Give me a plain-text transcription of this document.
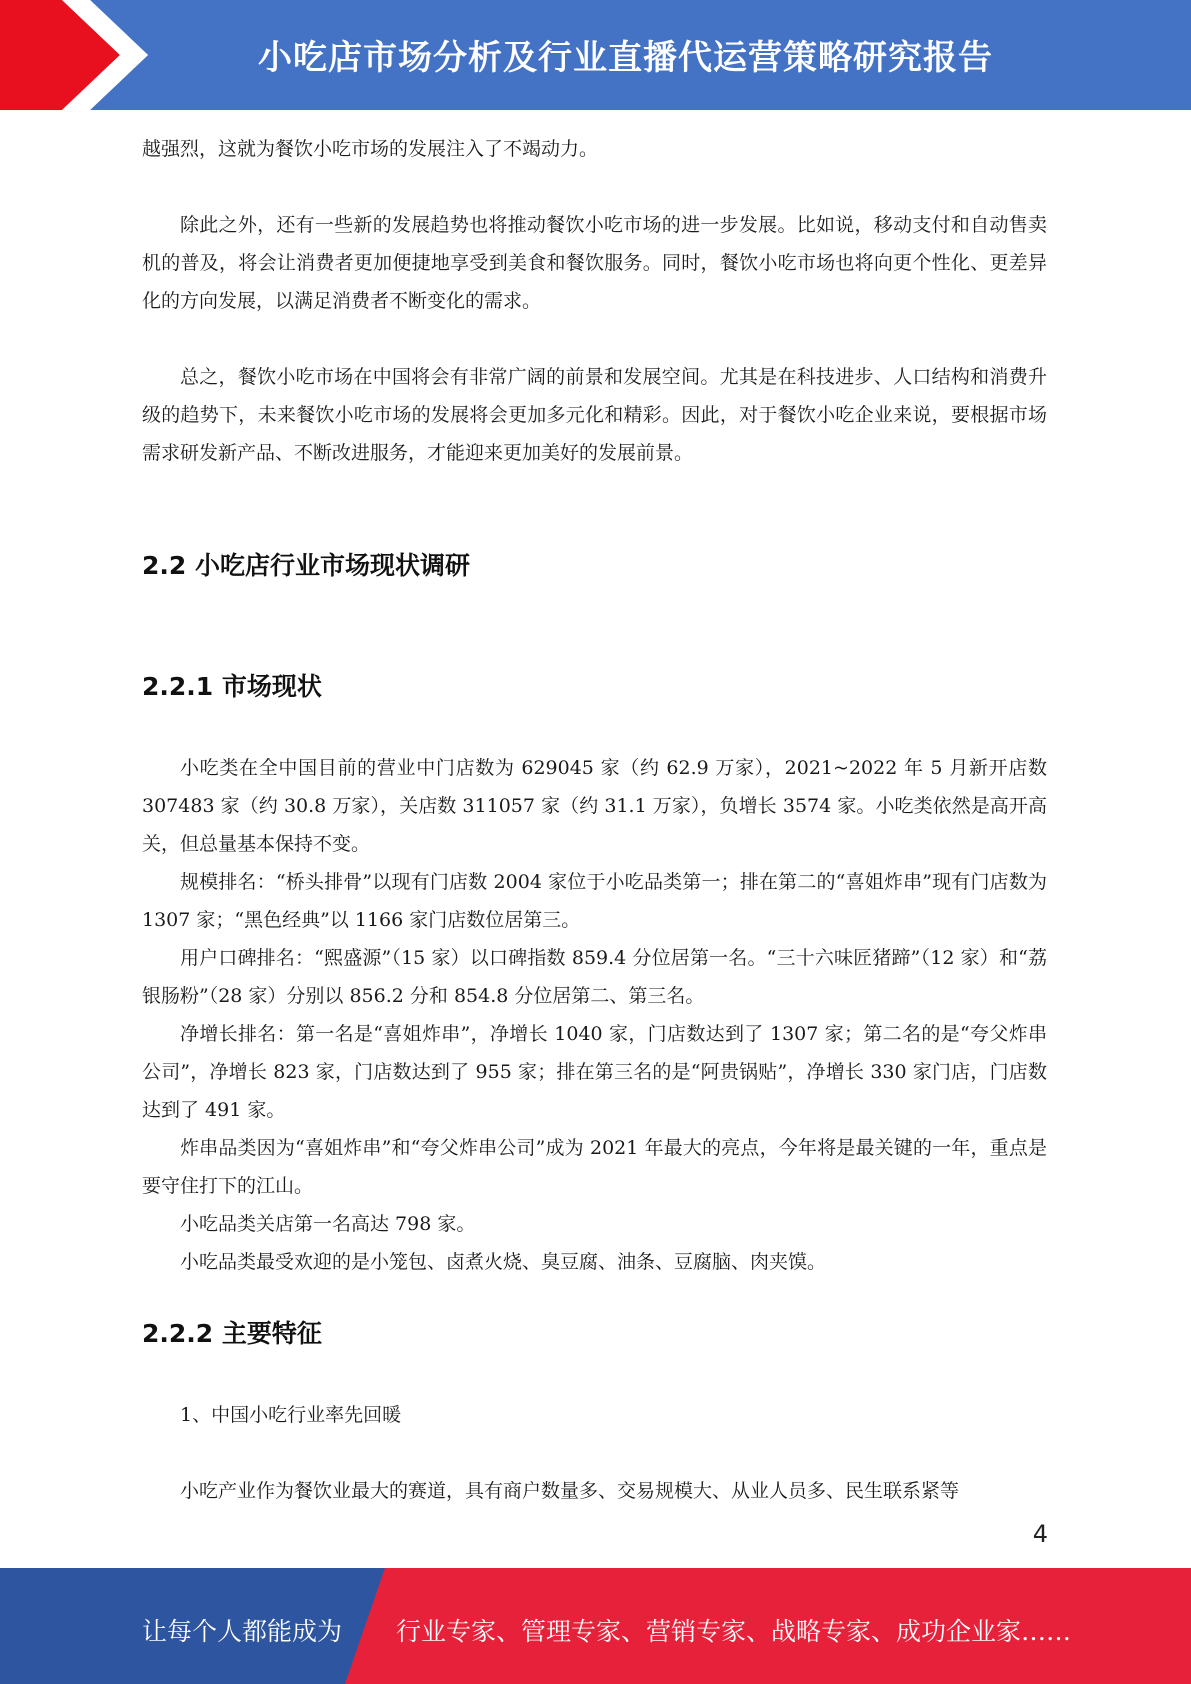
小吃店市场分析及行业直播代运营策略研究报告

越强烈，这就为餐饮小吃市场的发展注入了不竭动力。

除此之外，还有一些新的发展趋势也将推动餐饮小吃市场的进一步发展。比如说，移动支付和自动售卖机的普及，将会让消费者更加便捷地享受到美食和餐饮服务。同时，餐饮小吃市场也将向更个性化、更差异化的方向发展，以满足消费者不断变化的需求。

总之，餐饮小吃市场在中国将会有非常广阔的前景和发展空间。尤其是在科技进步、人口结构和消费升级的趋势下，未来餐饮小吃市场的发展将会更加多元化和精彩。因此，对于餐饮小吃企业来说，要根据市场需求研发新产品、不断改进服务，才能迎来更加美好的发展前景。

2.2 小吃店行业市场现状调研
2.2.1 市场现状

小吃类在全中国目前的营业中门店数为 629045 家（约 62.9 万家），2021~2022 年 5 月新开店数 307483 家（约 30.8 万家），关店数 311057 家（约 31.1 万家），负增长 3574 家。小吃类依然是高开高关，但总量基本保持不变。

规模排名：“桥头排骨”以现有门店数 2004 家位于小吃品类第一；排在第二的“喜姐炸串”现有门店数为 1307 家；“黑色经典”以 1166 家门店数位居第三。

用户口碑排名：“熙盛源”（15 家）以口碑指数 859.4 分位居第一名。“三十六味匠猪蹄”（12 家）和“荔银肠粉”（28 家）分别以 856.2 分和 854.8 分位居第二、第三名。

净增长排名：第一名是“喜姐炸串”，净增长 1040 家，门店数达到了 1307 家；第二名的是“夸父炸串公司”，净增长 823 家，门店数达到了 955 家；排在第三名的是“阿贵锅贴”，净增长 330 家门店，门店数达到了 491 家。

炸串品类因为“喜姐炸串”和“夸父炸串公司”成为 2021 年最大的亮点，今年将是最关键的一年，重点是要守住打下的江山。

小吃品类关店第一名高达 798 家。

小吃品类最受欢迎的是小笼包、卤煮火烧、臭豆腐、油条、豆腐脑、肉夹馍。

2.2.2 主要特征

1、中国小吃行业率先回暖

小吃产业作为餐饮业最大的赛道，具有商户数量多、交易规模大、从业人员多、民生联系紧等

4
让每个人都能成为 行业专家、管理专家、营销专家、战略专家、成功企业家……
